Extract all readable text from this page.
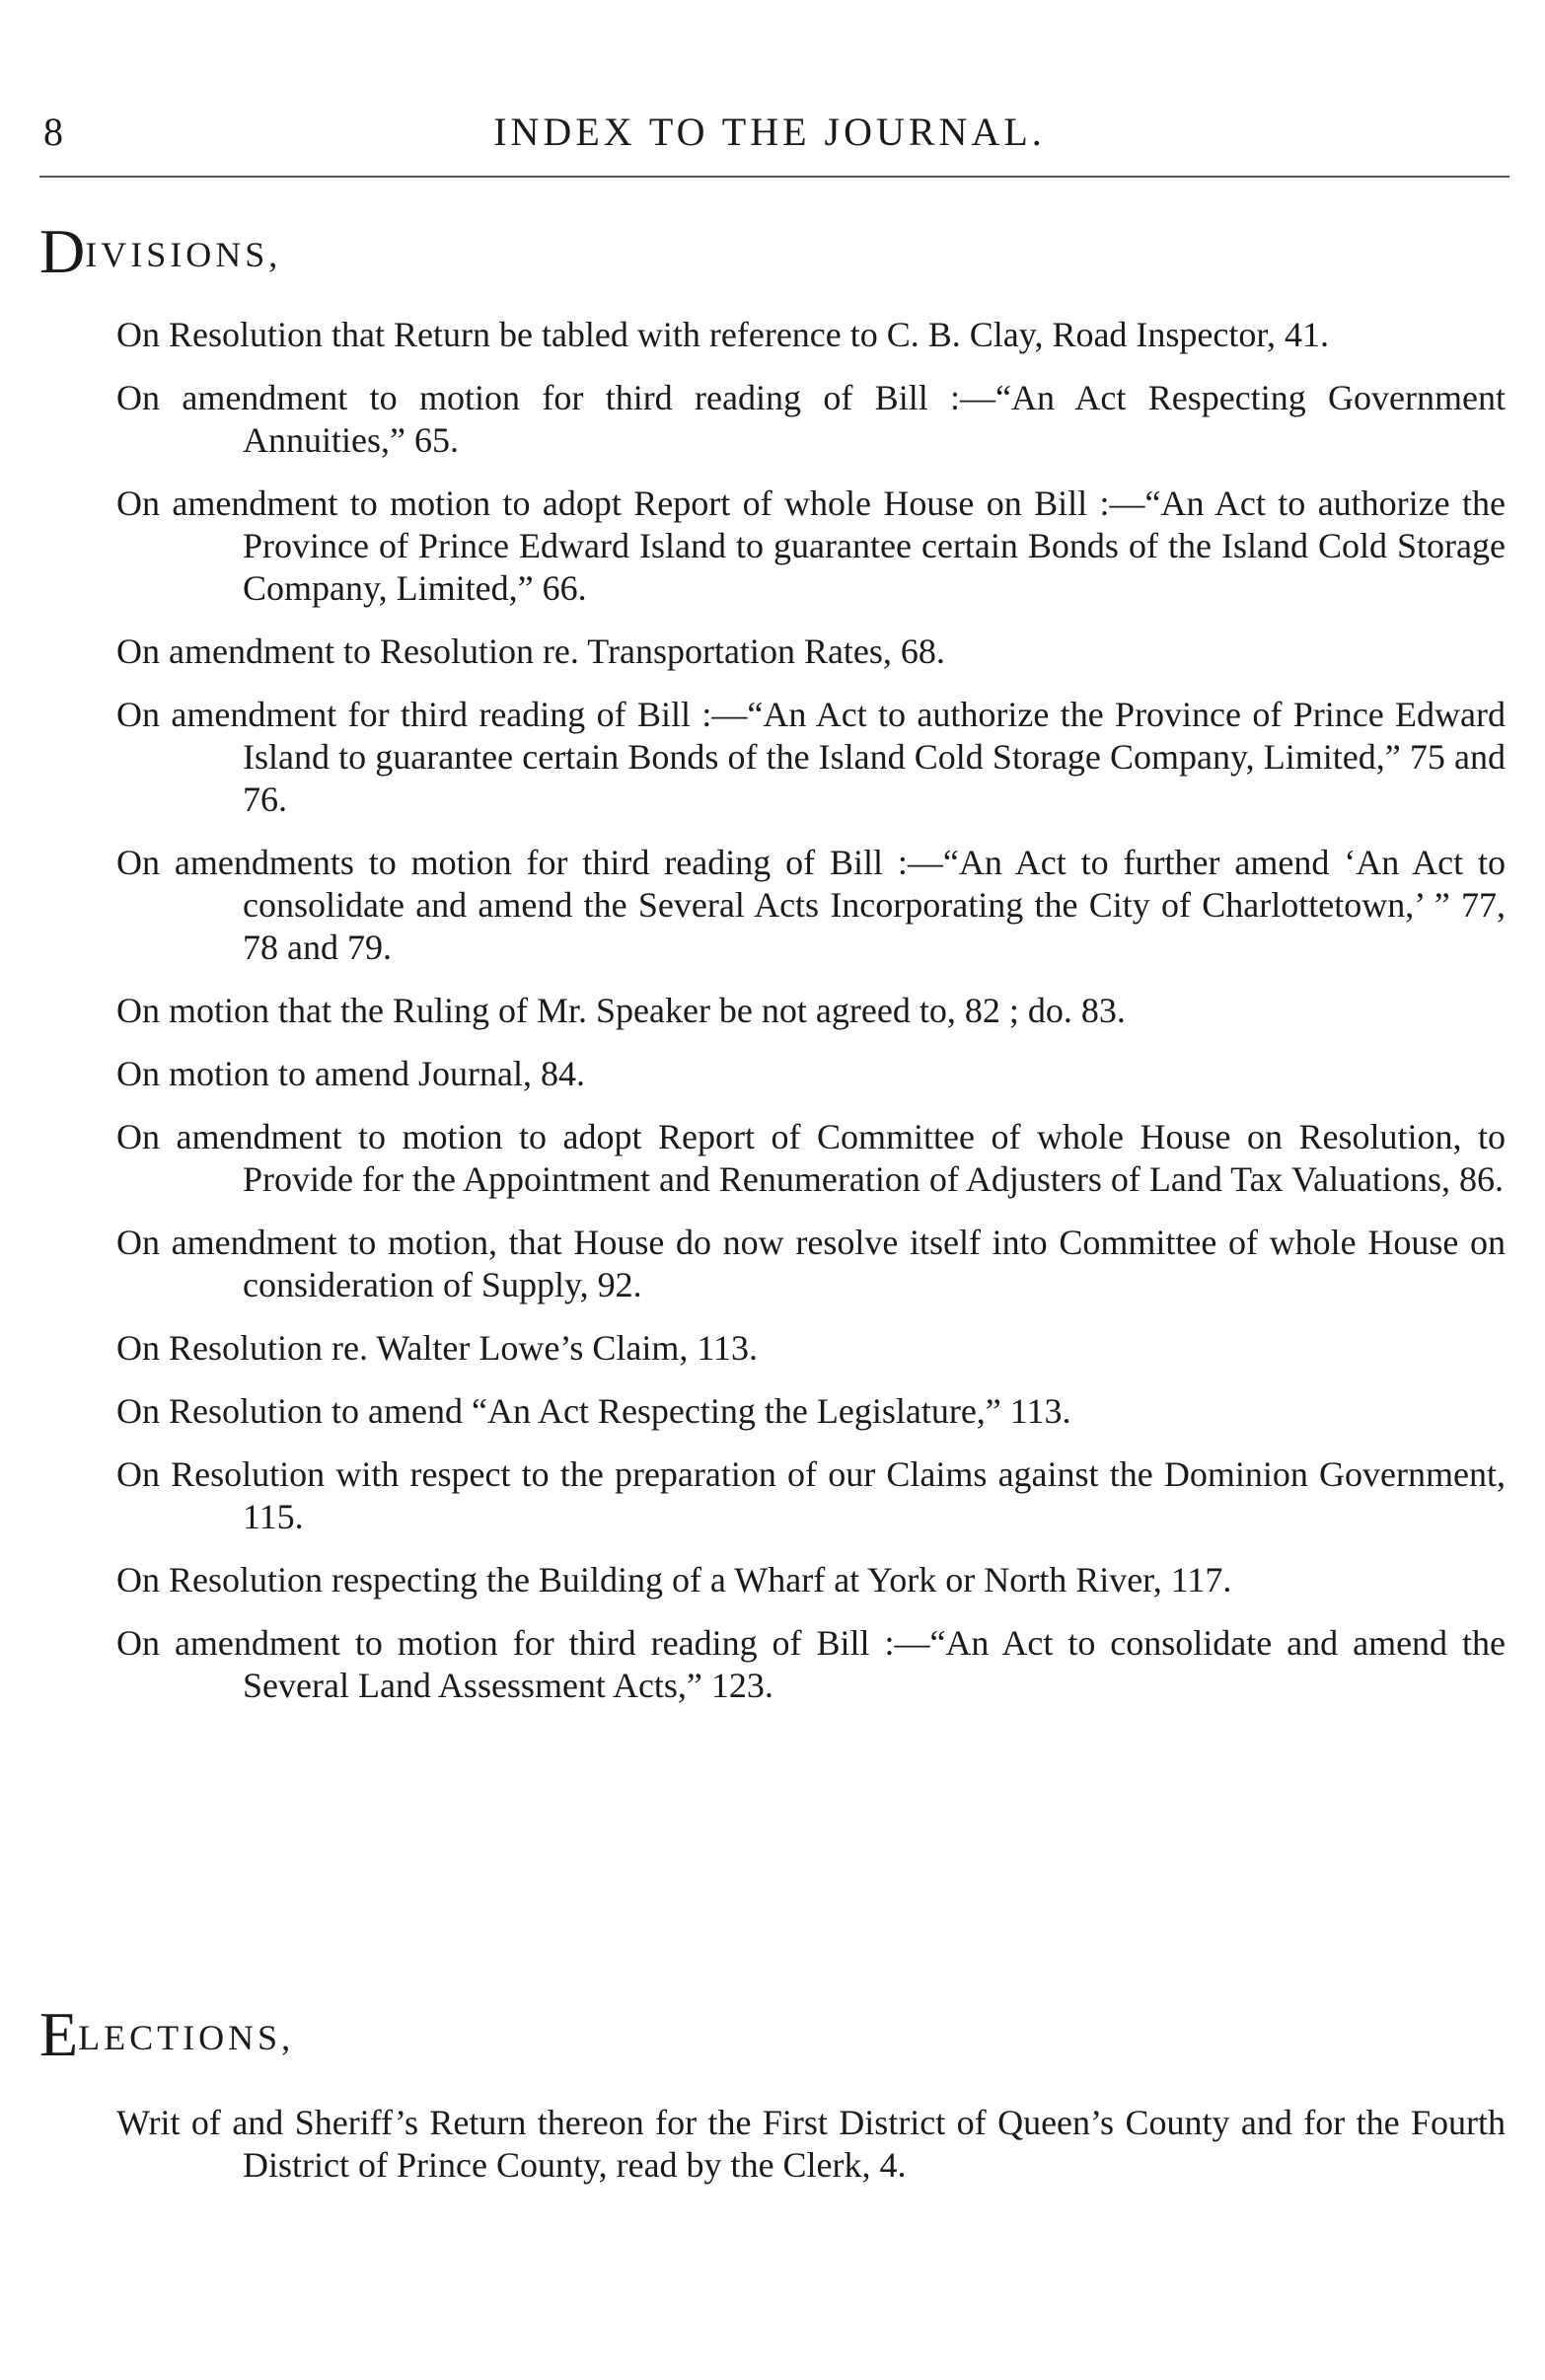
8	INDEX TO THE JOURNAL.
DIVISIONS,

On Resolution that Return be tabled with reference to C. B. Clay, Road Inspector, 41.

On amendment to motion for third reading of Bill :—“An Act Respecting Government Annuities,” 65.

On amendment to motion to adopt Report of whole House on Bill :—“An Act to authorize the Province of Prince Edward Island to guarantee certain Bonds of the Island Cold Storage Company, Limited,” 66.

On amendment to Resolution re. Transportation Rates, 68.

On amendment for third reading of Bill :—“An Act to authorize the Province of Prince Edward Island to guarantee certain Bonds of the Island Cold Storage Company, Limited,” 75 and 76.

On amendments to motion for third reading of Bill :—“An Act to further amend ‘An Act to consolidate and amend the Several Acts Incorporating the City of Charlottetown,’ ” 77, 78 and 79.

On motion that the Ruling of Mr. Speaker be not agreed to, 82 ; do. 83.

On motion to amend Journal, 84.

On amendment to motion to adopt Report of Committee of whole House on Resolution, to Provide for the Appointment and Renumeration of Adjusters of Land Tax Valuations, 86.

On amendment to motion, that House do now resolve itself into Committee of whole House on consideration of Supply, 92.

On Resolution re. Walter Lowe’s Claim, 113.

On Resolution to amend “An Act Respecting the Legislature,” 113.

On Resolution with respect to the preparation of our Claims against the Dominion Government, 115.

On Resolution respecting the Building of a Wharf at York or North River, 117.

On amendment to motion for third reading of Bill :—“An Act to consolidate and amend the Several Land Assessment Acts,” 123.

ELECTIONS,

Writ of and Sheriff’s Return thereon for the First District of Queen’s County and for the Fourth District of Prince County, read by the Clerk, 4.
